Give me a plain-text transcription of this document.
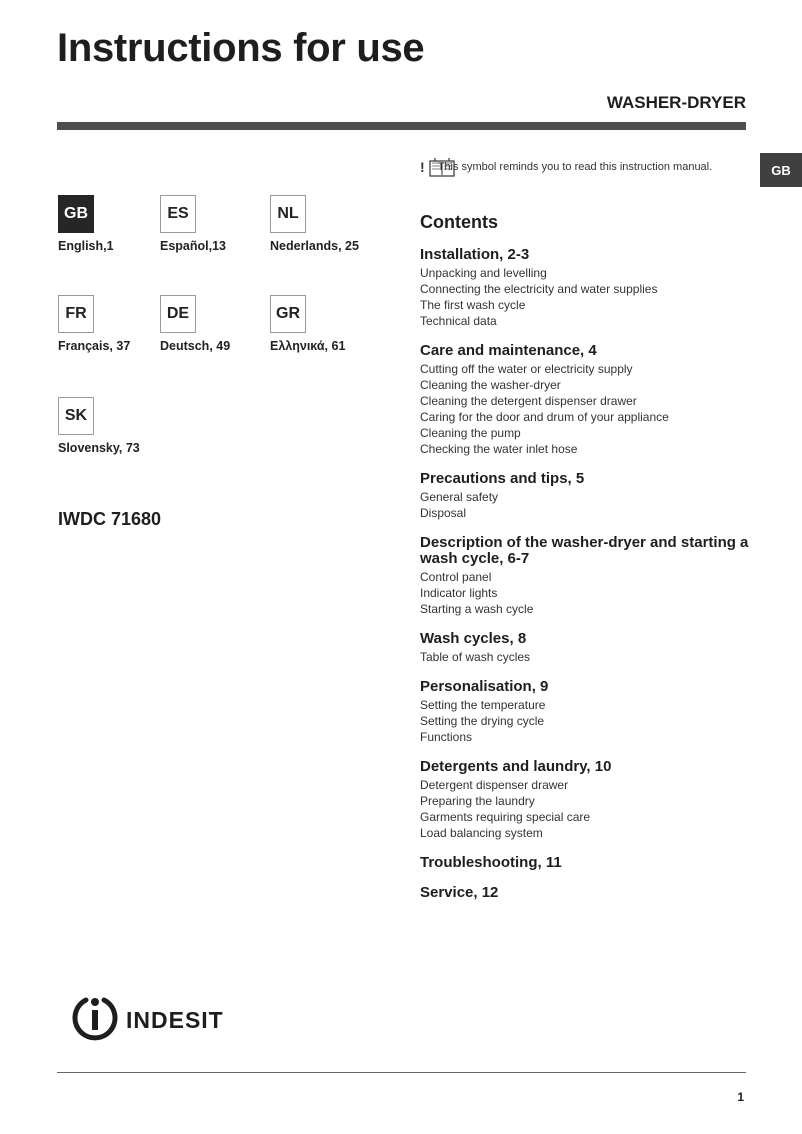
Instructions for use
WASHER-DRYER
GB
GB
English,1
ES
Español,13
NL
Nederlands, 25
FR
Français, 37
DE
Deutsch, 49
GR
Ελληνικά, 61
SK
Slovensky, 73
IWDC 71680
! This symbol reminds you to read this instruction manual.
Contents
Installation, 2-3
Unpacking and levelling
Connecting the electricity and water supplies
The first wash cycle
Technical data
Care and maintenance, 4
Cutting off the water or electricity supply
Cleaning the washer-dryer
Cleaning the detergent dispenser drawer
Caring for the door and drum of your appliance
Cleaning the pump
Checking the water inlet hose
Precautions and tips, 5
General safety
Disposal
Description of the washer-dryer and starting a wash cycle, 6-7
Control panel
Indicator lights
Starting a wash cycle
Wash cycles, 8
Table of wash cycles
Personalisation, 9
Setting the temperature
Setting the drying cycle
Functions
Detergents and laundry, 10
Detergent dispenser drawer
Preparing the laundry
Garments requiring special care
Load balancing system
Troubleshooting, 11
Service, 12
indesit
1
